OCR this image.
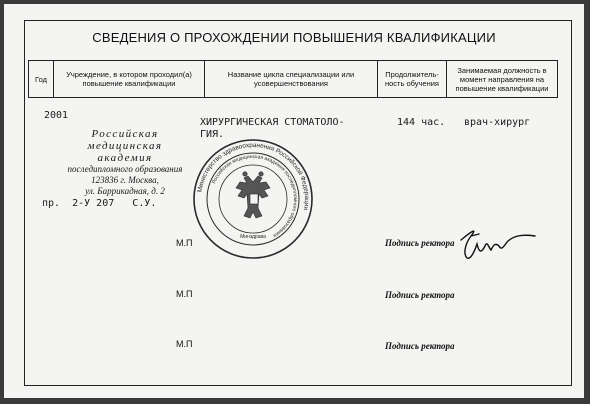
СВЕДЕНИЯ О ПРОХОЖДЕНИИ ПОВЫШЕНИЯ КВАЛИФИКАЦИИ
Год	Учреждение, в котором проходил(а) повышение квалификации
Название цикла специализации или усовершенствования
Продолжитель-ность обучения
Занимаемая должность в момент направления на повышение квалификации
2001
Российская
медицинская
академия
последипломного образования
123836 г. Москва,
ул. Баррикадная, д. 2
ХИРУРГИЧЕСКАЯ СТОМАТОЛО-
ГИЯ.
144 час. врач-хирург
пр.  2-У 207   С.У.
Министерство здравоохранения Российской Федерации
Российская медицинская академия последипломного образования
Минздрава
М.П
М.П
М.П
Подпись ректора
Подпись ректора
Подпись ректора
